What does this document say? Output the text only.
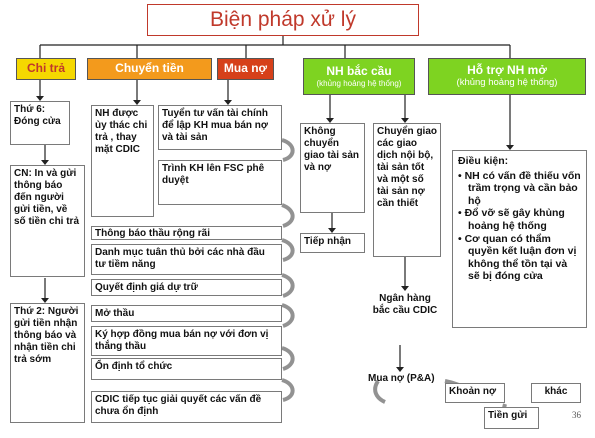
Biện pháp xử lý
Chi trả	Chuyển tiền	Mua nợ	NH bắc cầu
(khủng hoảng hệ thống)
Hỗ trợ NH mở
(khủng hoảng hệ thống)
Thứ 6: Đóng cửa
CN: In và gửi thông báo đến người gửi tiền, về số tiền chi trả
Thứ 2: Người gửi tiền nhận thông báo và nhận tiền chi trả sớm
NH được ủy thác chi trả , thay mặt CDIC
Tuyển tư vấn tài chính để lập KH mua bán nợ và tài sản
Trình KH lên FSC phê duyệt
Thông báo thầu rộng rãi
Danh mục tuân thủ bởi các nhà đầu tư tiềm năng
Quyết định giá dự trữ
Mở thầu
Ký hợp đồng mua bán nợ với đơn vị thắng thầu
Ổn định tổ chức
CDIC tiếp tục giải quyết các vấn đề chưa ổn định
Không chuyển giao tài sản và nợ
Tiếp nhận
Chuyển giao các giao dịch nội bộ, tài sản tốt và một số tài sản nợ cần thiết
Ngân hàng bắc cầu CDIC
Mua nợ (P&A)
Khoản nợ	khác
Tiền gửi
Điều kiện:
• NH có vấn đề thiếu vốn trầm trọng và cần bảo hộ
• Đổ vỡ sẽ gây khủng hoảng hệ thống
• Cơ quan có thẩm quyền kết luận đơn vị không thể tồn tại và sẽ bị đóng cửa
36
